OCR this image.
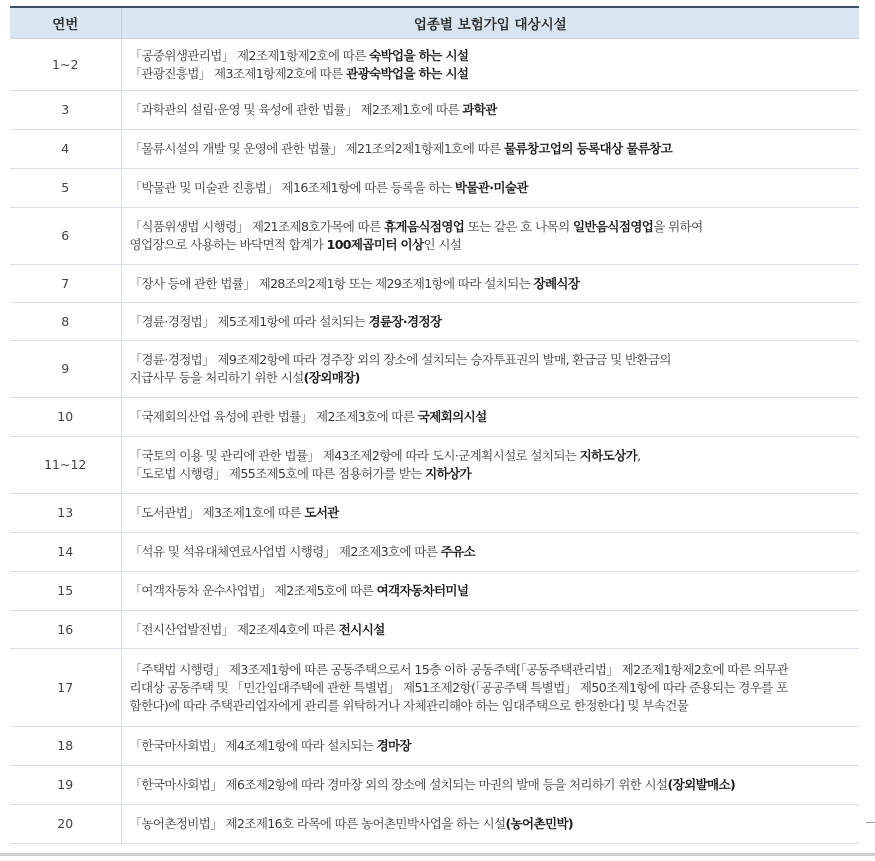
연번	업종별 보험가입 대상시설
1~2	「공중위생관리법」 제2조제1항제2호에 따른 숙박업을 하는 시설
「관광진흥법」 제3조제1항제2호에 따른 관광숙박업을 하는 시설

3	「과학관의 설립·운영 및 육성에 관한 법률」 제2조제1호에 따른 과학관

4	「물류시설의 개발 및 운영에 관한 법률」 제21조의2제1항제1호에 따른 물류창고업의 등록대상 물류창고

5	「박물관 및 미술관 진흥법」 제16조제1항에 따른 등록을 하는 박물관·미술관

6	「식품위생법 시행령」 제21조제8호가목에 따른 휴게음식점영업 또는 같은 호 나목의 일반음식점영업을 위하여
영업장으로 사용하는 바닥면적 합계가 100제곱미터 이상인 시설

7	「장사 등에 관한 법률」 제28조의2제1항 또는 제29조제1항에 따라 설치되는 장례식장

8	「경륜·경정법」 제5조제1항에 따라 설치되는 경륜장·경정장

9	「경륜·경정법」 제9조제2항에 따라 경주장 외의 장소에 설치되는 승자투표권의 발매, 환급금 및 반환금의
지급사무 등을 처리하기 위한 시설(장외매장)

10	「국제회의산업 육성에 관한 법률」 제2조제3호에 따른 국제회의시설

11~12	「국토의 이용 및 관리에 관한 법률」 제43조제2항에 따라 도시·군계획시설로 설치되는 지하도상가,
「도로법 시행령」 제55조제5호에 따른 점용허가를 받는 지하상가

13	「도서관법」 제3조제1호에 따른 도서관

14	「석유 및 석유대체연료사업법 시행령」 제2조제3호에 따른 주유소

15	「여객자동차 운수사업법」 제2조제5호에 따른 여객자동차터미널

16	「전시산업발전법」 제2조제4호에 따른 전시시설

17	「주택법 시행령」 제3조제1항에 따른 공동주택으로서 15층 이하 공동주택[「공동주택관리법」 제2조제1항제2호에 따른 의무관
리대상 공동주택 및 「민간임대주택에 관한 특별법」 제51조제2항(「공공주택 특별법」 제50조제1항에 따라 준용되는 경우를 포
함한다)에 따라 주택관리업자에게 관리를 위탁하거나 자체관리해야 하는 임대주택으로 한정한다] 및 부속건물

18	「한국마사회법」 제4조제1항에 따라 설치되는 경마장

19	「한국마사회법」 제6조제2항에 따라 경마장 외의 장소에 설치되는 마권의 발매 등을 처리하기 위한 시설(장외발매소)

20	「농어촌정비법」 제2조제16호 라목에 따른 농어촌민박사업을 하는 시설(농어촌민박)
